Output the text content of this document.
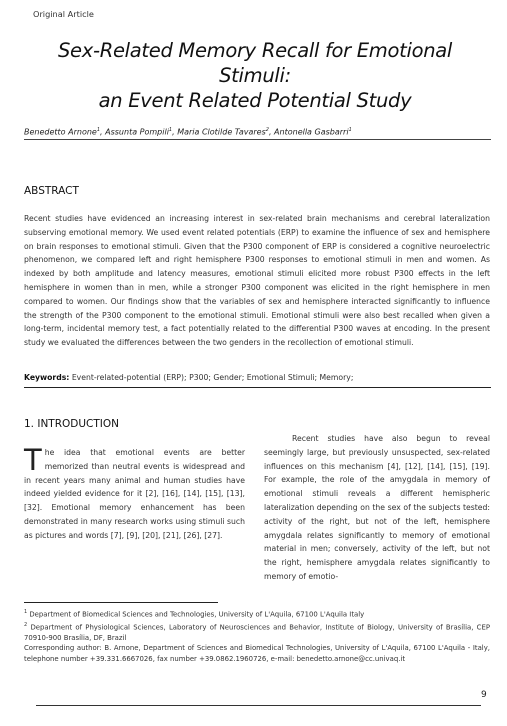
Original Article
Sex-Related Memory Recall for Emotional Stimuli:
an Event Related Potential Study
Benedetto Arnone$^1$, Assunta Pompili$^1$, Maria Clotilde Tavares$^2$, Antonella Gasbarri$^1$
ABSTRACT
Recent studies have evidenced an increasing interest in sex-related brain mechanisms and cerebral lateralization subserving emotional memory. We used event related potentials (ERP) to examine the influence of sex and hemisphere on brain responses to emotional stimuli. Given that the P300 component of ERP is considered a cognitive neuroelectric phenomenon, we compared left and right hemisphere P300 responses to emotional stimuli in men and women. As indexed by both amplitude and latency measures, emotional stimuli elicited more robust P300 effects in the left hemisphere in women than in men, while a stronger P300 component was elicited in the right hemisphere in men compared to women. Our findings show that the variables of sex and hemisphere interacted significantly to influence the strength of the P300 component to the emotional stimuli. Emotional stimuli were also best recalled when given a long-term, incidental memory test, a fact potentially related to the differential P300 waves at encoding. In the present study we evaluated the differences between the two genders in the recollection of emotional stimuli.
Keywords: Event-related-potential (ERP); P300; Gender; Emotional Stimuli; Memory;
1. INTRODUCTION
The idea that emotional events are better memorized than neutral events is widespread and in recent years many animal and human studies have indeed yielded evidence for it [2], [16], [14], [15], [13], [32]. Emotional memory enhancement has been demonstrated in many research works using stimuli such as pictures and words [7], [9], [20], [21], [26], [27].
Recent studies have also begun to reveal seemingly large, but previously unsuspected, sex-related influences on this mechanism [4], [12], [14], [15], [19]. For example, the role of the amygdala in memory of emotional stimuli reveals a different hemispheric lateralization depending on the sex of the subjects tested: activity of the right, but not of the left, hemisphere amygdala relates significantly to memory of emotional material in men; conversely, activity of the left, but not the right, hemisphere amygdala relates significantly to memory of emotio-
$^1$ Department of Biomedical Sciences and Technologies, University of L'Aquila, 67100 L'Aquila Italy
$^2$ Department of Physiological Sciences, Laboratory of Neurosciences and Behavior, Institute of Biology, University of Brasília, CEP 70910-900 Brasília, DF, Brazil
Corresponding author: B. Arnone, Department of Sciences and Biomedical Technologies, University of L'Aquila, 67100 L'Aquila - Italy, telephone number +39.331.6667026, fax number +39.0862.1960726, e-mail: benedetto.arnone@cc.univaq.it
9
